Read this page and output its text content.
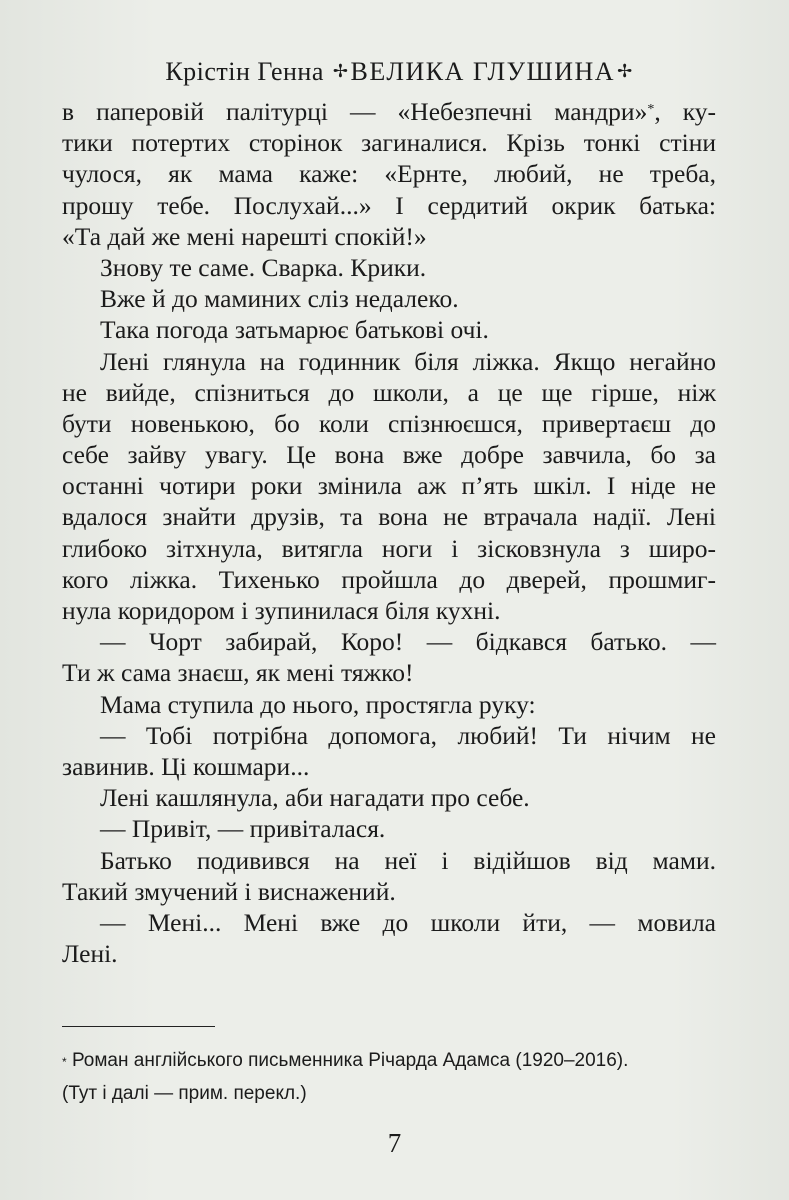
Крістін Генна ✢ВЕЛИКА ГЛУШИНА ✢
в паперовій палітурці — «Небезпечні мандри»*, ку-
тики потертих сторінок загиналися. Крізь тонкі стіни
чулося, як мама каже: «Ернте, любий, не треба,
прошу тебе. Послухай...» І сердитий окрик батька:
«Та дай же мені нарешті спокій!»
Знову те саме. Сварка. Крики.
Вже й до маминих сліз недалеко.
Така погода затьмарює батькові очі.
Лені глянула на годинник біля ліжка. Якщо негайно
не вийде, спізниться до школи, а це ще гірше, ніж
бути новенькою, бо коли спізнюєшся, привертаєш до
себе зайву увагу. Це вона вже добре завчила, бо за
останні чотири роки змінила аж п’ять шкіл. І ніде не
вдалося знайти друзів, та вона не втрачала надії. Лені
глибоко зітхнула, витягла ноги і зісковзнула з широ-
кого ліжка. Тихенько пройшла до дверей, прошмиг-
нула коридором і зупинилася біля кухні.
— Чорт забирай, Коро! — бідкався батько. —
Ти ж сама знаєш, як мені тяжко!
Мама ступила до нього, простягла руку:
— Тобі потрібна допомога, любий! Ти нічим не
завинив. Ці кошмари...
Лені кашлянула, аби нагадати про себе.
— Привіт, — привіталася.
Батько подивився на неї і відійшов від мами.
Такий змучений і виснажений.
— Мені... Мені вже до школи йти, — мовила
Лені.
* Роман англійського письменника Річарда Адамса (1920–2016).
(Тут і далі — прим. перекл.)
7
